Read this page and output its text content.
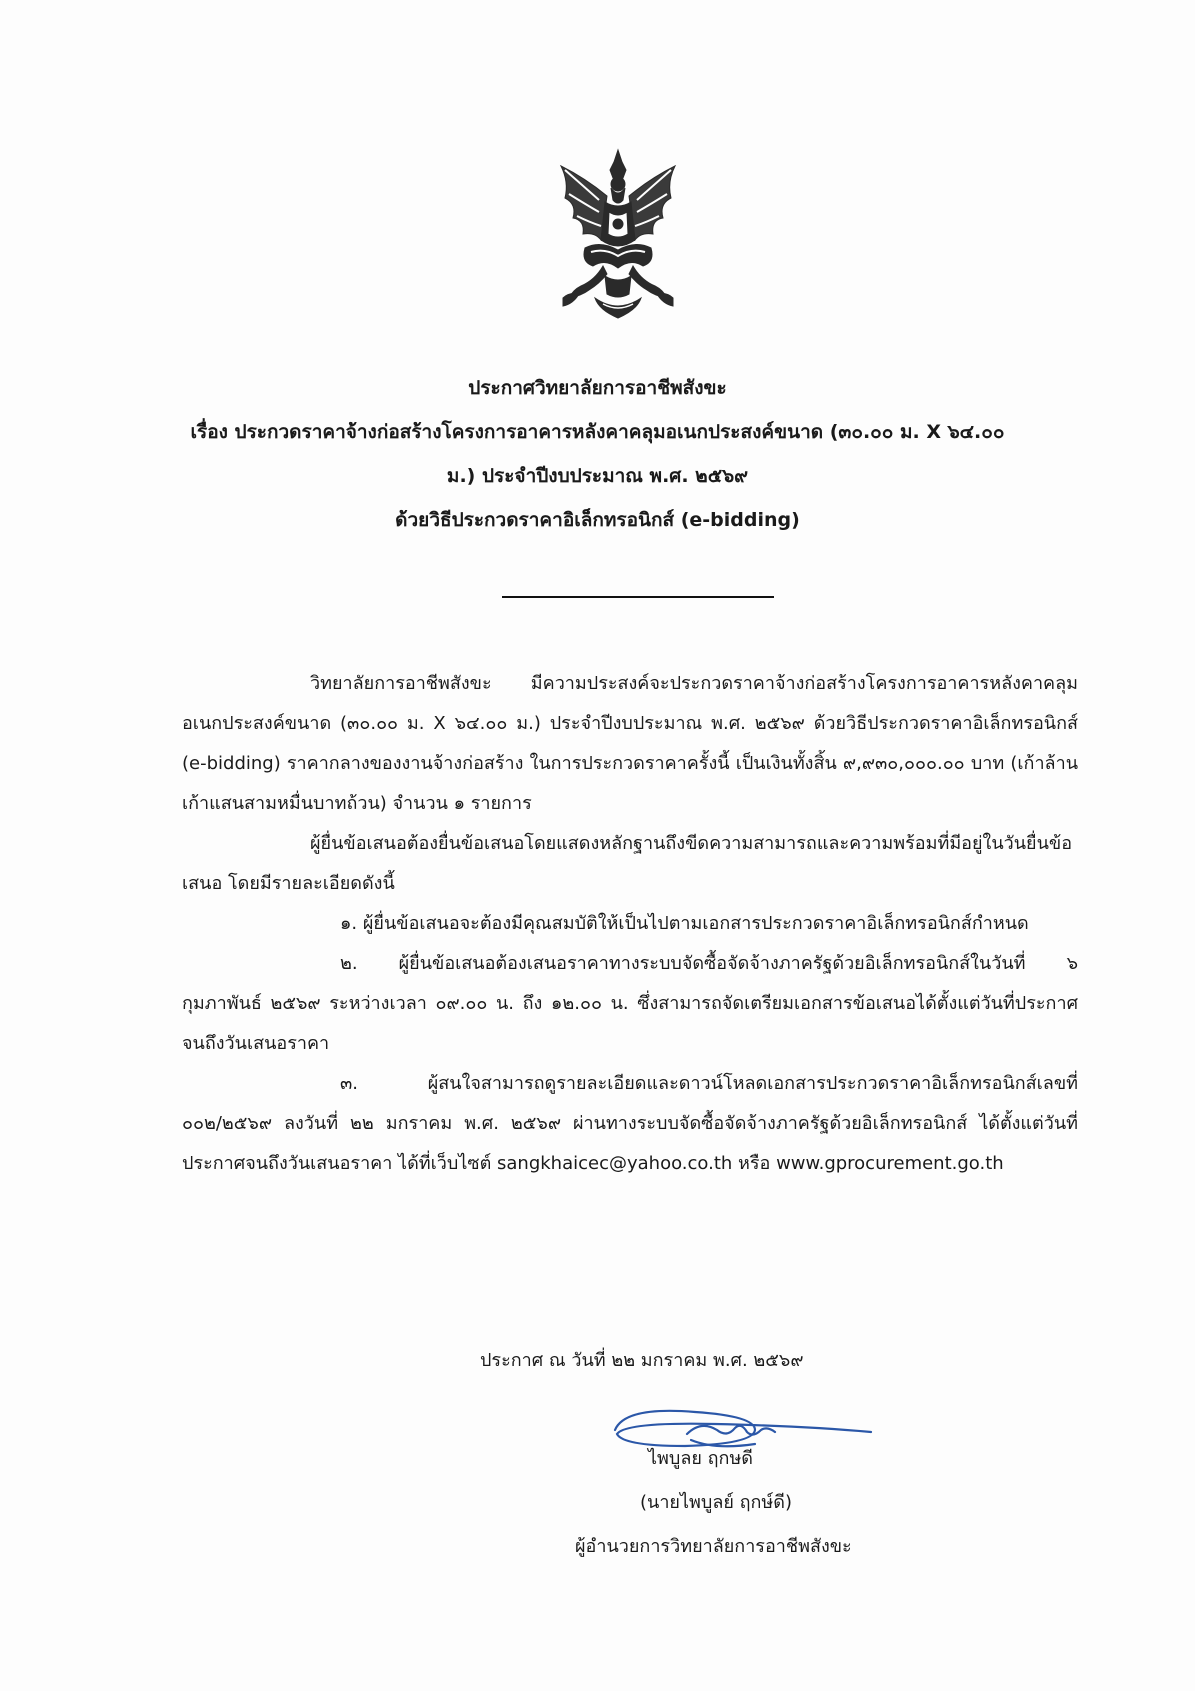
ประกาศวิทยาลัยการอาชีพสังขะ
เรื่อง ประกวดราคาจ้างก่อสร้างโครงการอาคารหลังคาคลุมอเนกประสงค์ขนาด (๓๐.๐๐ ม. X ๖๔.๐๐
ม.) ประจำปีงบประมาณ พ.ศ. ๒๕๖๙
ด้วยวิธีประกวดราคาอิเล็กทรอนิกส์ (e-bidding)

วิทยาลัยการอาชีพสังขะ มีความประสงค์จะประกวดราคาจ้างก่อสร้างโครงการอาคารหลังคาคลุมอเนกประสงค์ขนาด (๓๐.๐๐ ม. X ๖๔.๐๐ ม.) ประจำปีงบประมาณ พ.ศ. ๒๕๖๙ ด้วยวิธีประกวดราคาอิเล็กทรอนิกส์ (e-bidding) ราคากลางของงานจ้างก่อสร้าง ในการประกวดราคาครั้งนี้ เป็นเงินทั้งสิ้น ๙,๙๓๐,๐๐๐.๐๐ บาท (เก้าล้านเก้าแสนสามหมื่นบาทถ้วน) จำนวน ๑ รายการ

ผู้ยื่นข้อเสนอต้องยื่นข้อเสนอโดยแสดงหลักฐานถึงขีดความสามารถและความพร้อมที่มีอยู่ในวันยื่นข้อเสนอ โดยมีรายละเอียดดังนี้

๑. ผู้ยื่นข้อเสนอจะต้องมีคุณสมบัติให้เป็นไปตามเอกสารประกวดราคาอิเล็กทรอนิกส์กำหนด

๒. ผู้ยื่นข้อเสนอต้องเสนอราคาทางระบบจัดซื้อจัดจ้างภาครัฐด้วยอิเล็กทรอนิกส์ในวันที่ ๖ กุมภาพันธ์ ๒๕๖๙ ระหว่างเวลา ๐๙.๐๐ น. ถึง ๑๒.๐๐ น. ซึ่งสามารถจัดเตรียมเอกสารข้อเสนอได้ตั้งแต่วันที่ประกาศจนถึงวันเสนอราคา

๓. ผู้สนใจสามารถดูรายละเอียดและดาวน์โหลดเอกสารประกวดราคาอิเล็กทรอนิกส์เลขที่ ๐๐๒/๒๕๖๙ ลงวันที่ ๒๒ มกราคม พ.ศ. ๒๕๖๙ ผ่านทางระบบจัดซื้อจัดจ้างภาครัฐด้วยอิเล็กทรอนิกส์ ได้ตั้งแต่วันที่ประกาศจนถึงวันเสนอราคา ได้ที่เว็บไซต์ sangkhaicec@yahoo.co.th หรือ www.gprocurement.go.th

ประกาศ ณ วันที่ ๒๒ มกราคม พ.ศ. ๒๕๖๙
ไพบูลย ฤกษดี
(นายไพบูลย์ ฤกษ์ดี)
ผู้อำนวยการวิทยาลัยการอาชีพสังขะ
